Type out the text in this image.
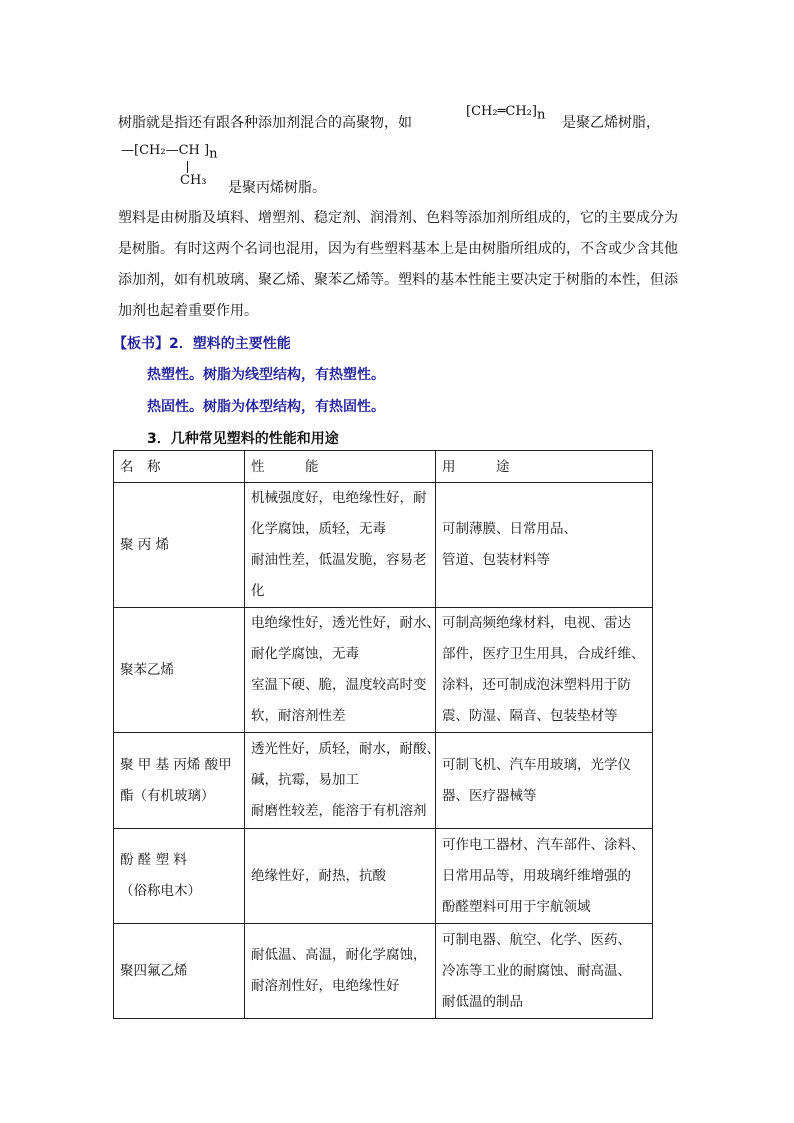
树脂就是指还有跟各种添加剂混合的高聚物，如
$[CH_2═CH_2]_n$ 是聚乙烯树脂，
—[CH₂—CH ]$_n$
CH₃ 是聚丙烯树脂。
塑料是由树脂及填料、增塑剂、稳定剂、润滑剂、色料等添加剂所组成的，它的主要成分为
是树脂。有时这两个名词也混用，因为有些塑料基本上是由树脂所组成的，不含或少含其他
添加剂，如有机玻璃、聚乙烯、聚苯乙烯等。塑料的基本性能主要决定于树脂的本性，但添
加剂也起着重要作用。
【板书】2．塑料的主要性能
热塑性。树脂为线型结构，有热塑性。
热固性。树脂为体型结构，有热固性。
3．几种常见塑料的性能和用途
名　称	性　　　能	用　　　途

聚 丙 烯	机械强度好，电绝缘性好，耐
化学腐蚀，质轻，无毒
耐油性差，低温发脆，容易老
化	可制薄膜、日常用品、
管道、包装材料等

聚苯乙烯	电绝缘性好，透光性好，耐水、
耐化学腐蚀，无毒
室温下硬、脆，温度较高时变
软，耐溶剂性差	可制高频绝缘材料，电视、雷达
部件，医疗卫生用具，合成纤维、
涂料，还可制成泡沫塑料用于防
震、防湿、隔音、包装垫材等

聚 甲 基 丙烯 酸甲
酯（有机玻璃）	透光性好，质轻，耐水，耐酸、
碱，抗霉，易加工
耐磨性较差，能溶于有机溶剂	可制飞机、汽车用玻璃，光学仪
器、医疗器械等

酚 醛 塑 料
（俗称电木）	绝缘性好，耐热，抗酸	可作电工器材、汽车部件、涂料、
日常用品等，用玻璃纤维增强的
酚醛塑料可用于宇航领域

聚四氟乙烯	耐低温、高温，耐化学腐蚀，
耐溶剂性好，电绝缘性好	可制电器、航空、化学、医药、
冷冻等工业的耐腐蚀、耐高温、
耐低温的制品
